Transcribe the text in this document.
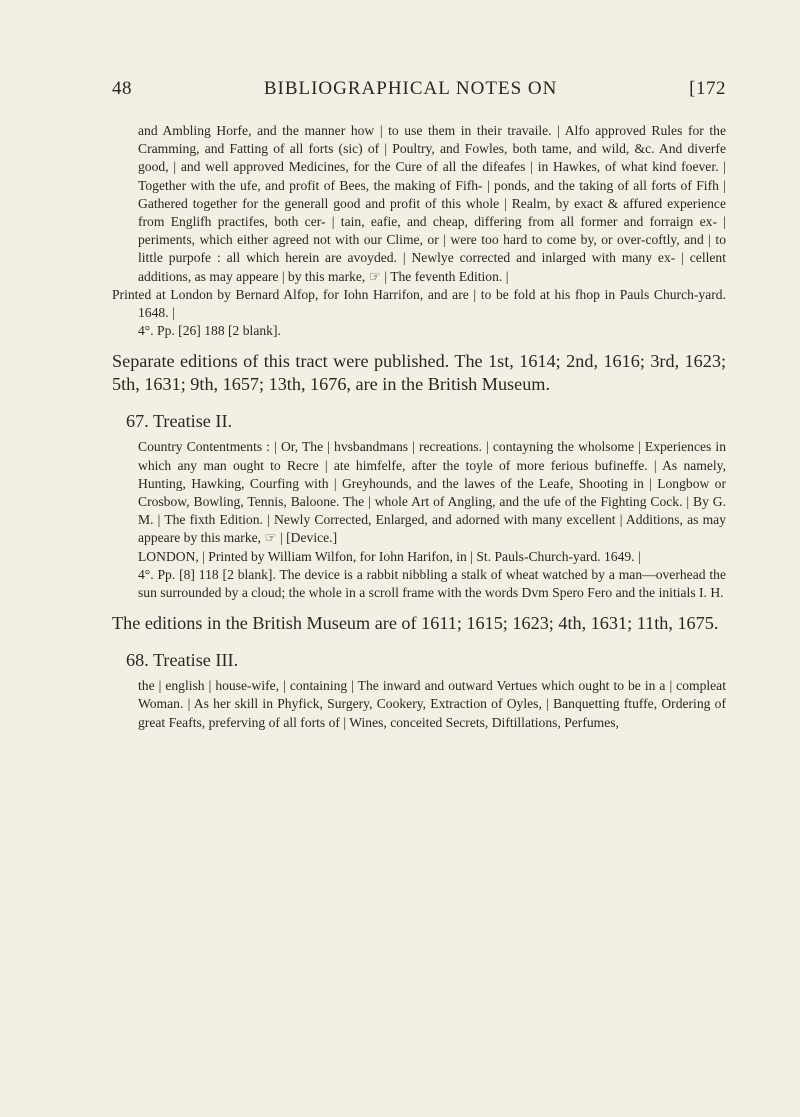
48	BIBLIOGRAPHICAL NOTES ON	[172

and Ambling Horfe, and the manner how | to use them in their travaile. | Alfo approved Rules for the Cramming, and Fatting of all forts (sic) of | Poultry, and Fowles, both tame, and wild, &c. And diverfe good, | and well approved Medicines, for the Cure of all the difeafes | in Hawkes, of what kind foever. | Together with the ufe, and profit of Bees, the making of Fifh- | ponds, and the taking of all forts of Fifh | Gathered together for the generall good and profit of this whole | Realm, by exact & affured experience from Englifh practifes, both cer- | tain, eafie, and cheap, differing from all former and forraign ex- | periments, which either agreed not with our Clime, or | were too hard to come by, or over-coftly, and | to little purpofe : all which herein are avoyded. | Newlye corrected and inlarged with many ex- | cellent additions, as may appeare | by this marke, ☞ | The feventh Edition. |

Printed at London by Bernard Alfop, for Iohn Harrifon, and are | to be fold at his fhop in Pauls Church-yard. 1648. |

4°. Pp. [26] 188 [2 blank].

Separate editions of this tract were published. The 1st, 1614; 2nd, 1616; 3rd, 1623; 5th, 1631; 9th, 1657; 13th, 1676, are in the British Museum.

67. Treatise II.

Country Contentments : | Or, The | hvsbandmans | recreations. | contayning the wholsome | Experiences in which any man ought to Recre | ate himfelfe, after the toyle of more ferious bufineffe. | As namely, Hunting, Hawking, Courfing with | Greyhounds, and the lawes of the Leafe, Shooting in | Longbow or Crosbow, Bowling, Tennis, Baloone. The | whole Art of Angling, and the ufe of the Fighting Cock. | By G. M. | The fixth Edition. | Newly Corrected, Enlarged, and adorned with many excellent | Additions, as may appeare by this marke, ☞ | [Device.]

LONDON, | Printed by William Wilfon, for Iohn Harifon, in | St. Pauls-Church-yard. 1649. |

4°. Pp. [8] 118 [2 blank]. The device is a rabbit nibbling a stalk of wheat watched by a man—overhead the sun surrounded by a cloud; the whole in a scroll frame with the words Dvm Spero Fero and the initials I. H.

The editions in the British Museum are of 1611; 1615; 1623; 4th, 1631; 11th, 1675.

68. Treatise III.

the | english | house-wife, | containing | The inward and outward Vertues which ought to be in a | compleat Woman. | As her skill in Phyfick, Surgery, Cookery, Extraction of Oyles, | Banquetting ftuffe, Ordering of great Feafts, preferving of all forts of | Wines, conceited Secrets, Diftillations, Perfumes,
